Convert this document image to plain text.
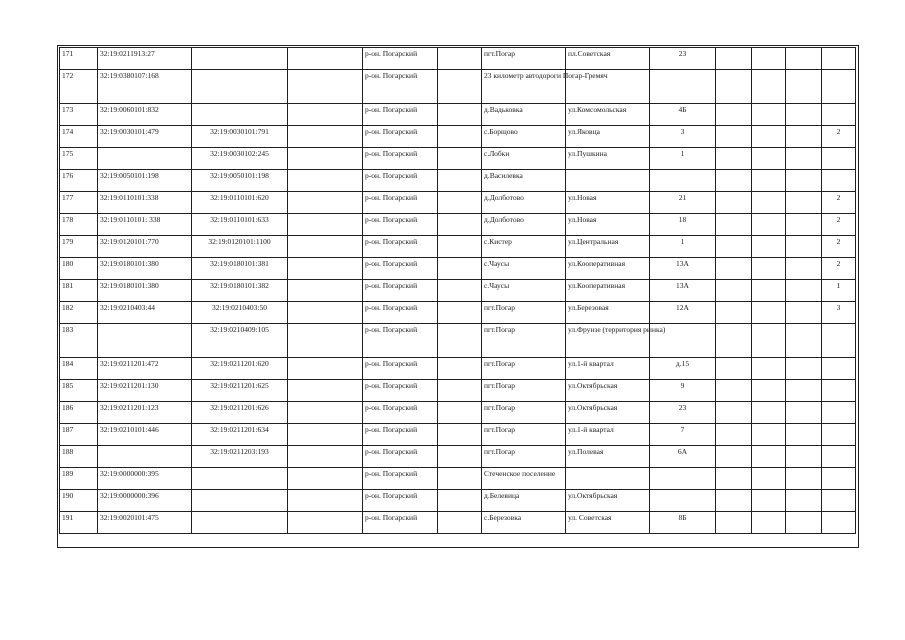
171	32:19:0211913:27			р-он. Погарский		пгт.Погар	пл.Советская	23				
172	32:19:0380107:168			р-он. Погарский		23 километр автодороги Погар-Гремяч						
173	32:19:0060101:832			р-он. Погарский		д.Вадьковка	ул.Комсомольская	4Б				
174	32:19:0030101:479	32:19:0030101:791		р-он. Погарский		с.Борщово	ул.Яковца	3				2
175		32:19:0030102:245		р-он. Погарский		с.Лобки	ул.Пушкина	1				
176	32:19:0050101:198	32:19:0050101:198		р-он. Погарский		д.Василевка						
177	32:19:0110101:338	32:19:0110101:620		р-он. Погарский		д.Долботово	ул.Новая	21				2
178	32:19:0110101: 338	32:19:0110101:633		р-он. Погарский		д.Долботово	ул.Новая	18				2
179	32:19:0120101:770	32:19:0120101:1100		р-он. Погарский		с.Кистер	ул.Центральная	1				2
180	32:19:0180101:380	32:19:0180101:381		р-он. Погарский		с.Чаусы	ул.Кооперативная	13А				2
181	32:19:0180101:380	32:19:0180101:382		р-он. Погарский		с.Чаусы	ул.Кооперативная	13А				1
182	32:19:0210403:44	32:19:0210403:50		р-он. Погарский		пгт.Погар	ул.Березовая	12А				3
183		32:19:0210409:105		р-он. Погарский		пгт.Погар	ул.Фрунзе (территория рынка)					
184	32:19:0211201:472	32:19:0211201:620		р-он. Погарский		пгт.Погар	ул.1-й квартал	д.15				
185	32:19:0211201:130	32:19:0211201:625		р-он. Погарский		пгт.Погар	ул.Октябрьская	9				
186	32:19:0211201:123	32:19:0211201:626		р-он. Погарский		пгт.Погар	ул.Октябрьская	23				
187	32:19:0210101:446	32:19:0211201:634		р-он. Погарский		пгт.Погар	ул.1-й квартал	7				
188		32:19:0211203:193		р-он. Погарский		пгт.Погар	ул.Полевая	6А				
189	32:19:0000000:395			р-он. Погарский		Стеченское поселение						
190	32:19:0000000:396			р-он. Погарский		д.Белевица	ул.Октябрьская					
191	32:19:0020101:475			р-он. Погарский		с.Березовка	ул. Советская	8Б				
